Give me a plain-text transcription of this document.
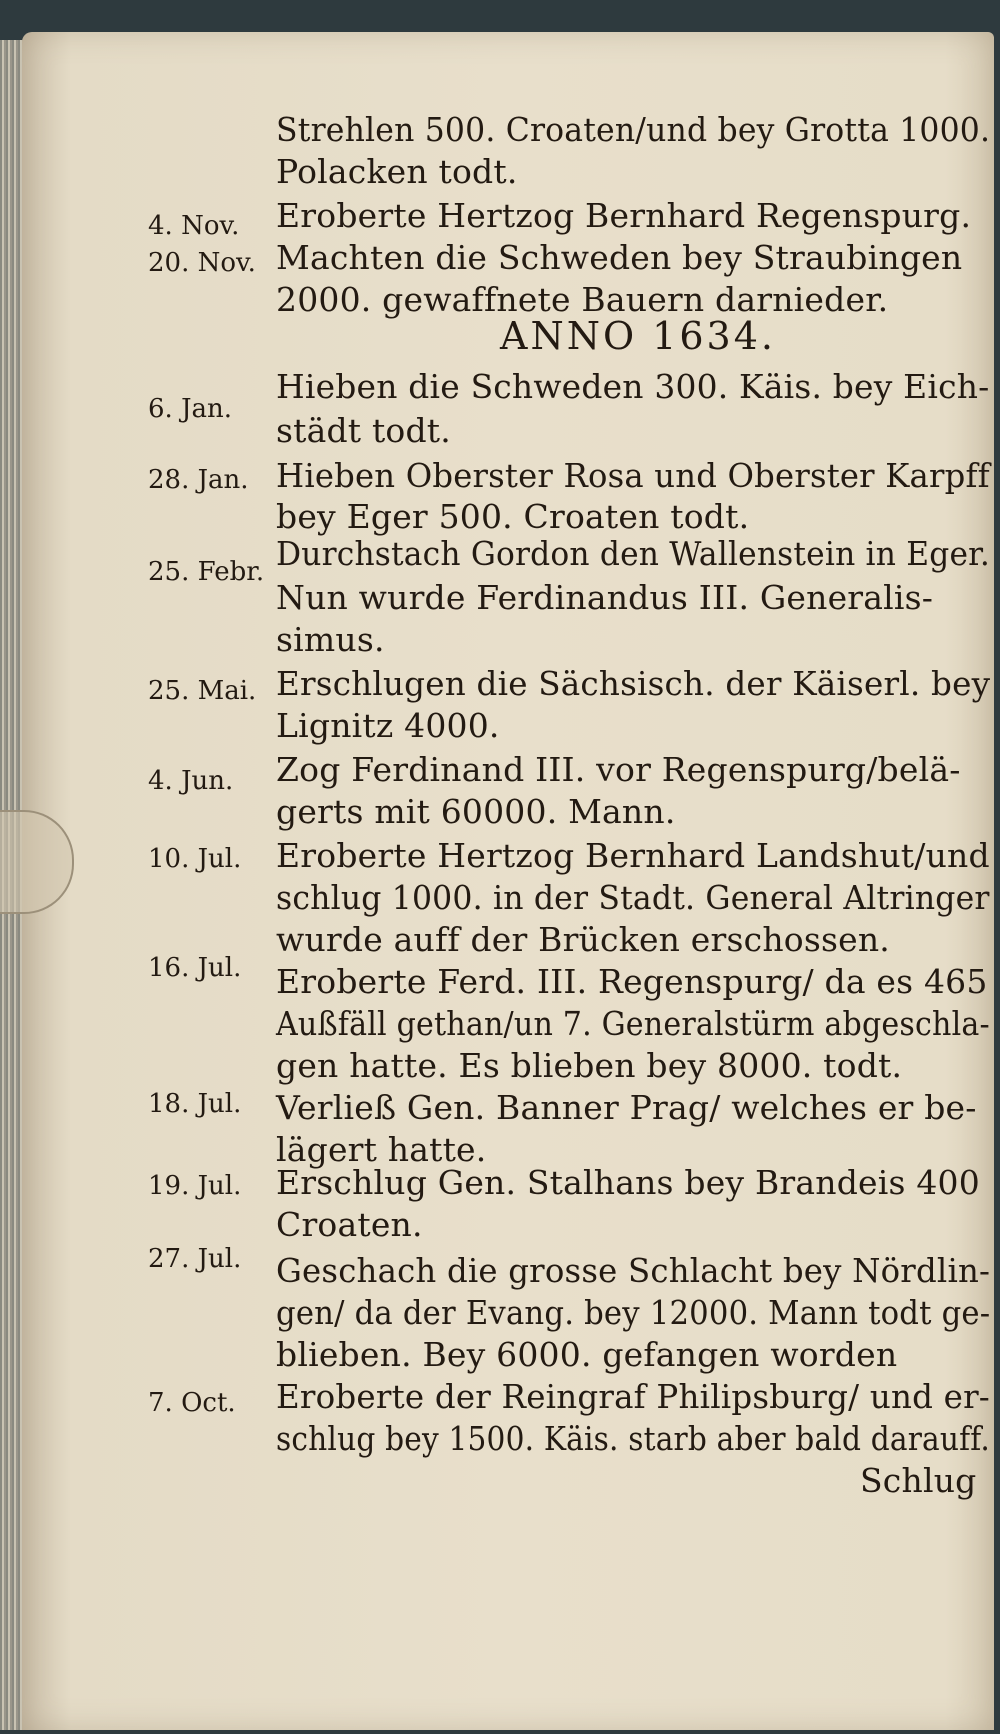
Strehlen 500. Croaten/und bey Grotta 1000.
Polacken todt.
4. Nov. Eroberte Hertzog Bernhard Regenspurg.
20. Nov. Machten die Schweden bey Straubingen
2000. gewaffnete Bauern darnieder.
ANNO 1634.
6. Jan.
Hieben die Schweden 300. Käis. bey Eich-
städt todt.
28. Jan. Hieben Oberster Rosa und Oberster Karpff
bey Eger 500. Croaten todt.
25. Febr. Durchstach Gordon den Wallenstein in Eger.
Nun wurde Ferdinandus III. Generalis-
simus.
25. Mai. Erschlugen die Sächsisch. der Käiserl. bey
Lignitz 4000.
4. Jun. Zog Ferdinand III. vor Regenspurg/belä-
gerts mit 60000. Mann.
10. Jul. Eroberte Hertzog Bernhard Landshut/und
schlug 1000. in der Stadt. General Altringer
wurde auff der Brücken erschossen.
16. Jul. Eroberte Ferd. III. Regenspurg/ da es 465
Außfäll gethan/un 7. Generalstürm abgeschla-
gen hatte. Es blieben bey 8000. todt.
18. Jul. Verließ Gen. Banner Prag/ welches er be-
lägert hatte.
19. Jul. Erschlug Gen. Stalhans bey Brandeis 400
Croaten.
27. Jul. Geschach die grosse Schlacht bey Nördlin-
gen/ da der Evang. bey 12000. Mann todt ge-
blieben. Bey 6000. gefangen worden
7. Oct. Eroberte der Reingraf Philipsburg/ und er-
schlug bey 1500. Käis. starb aber bald darauff.
Schlug
